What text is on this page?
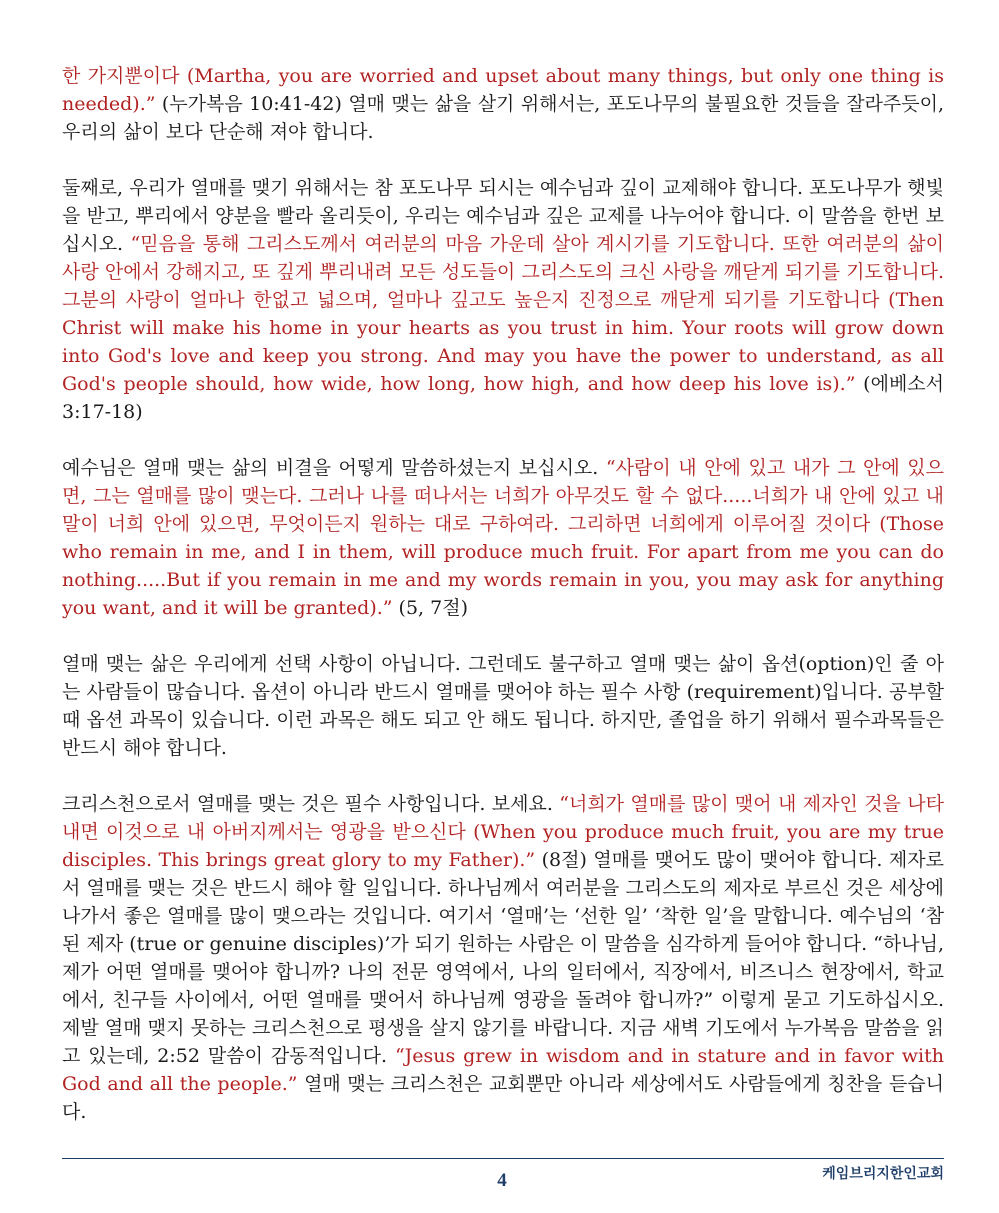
한 가지뿐이다 (Martha, you are worried and upset about many things, but only one thing is needed).” (누가복음 10:41-42) 열매 맺는 삶을 살기 위해서는, 포도나무의 불필요한 것들을 잘라주듯이, 우리의 삶이 보다 단순해 져야 합니다.

둘째로, 우리가 열매를 맺기 위해서는 참 포도나무 되시는 예수님과 깊이 교제해야 합니다. 포도나무가 햇빛을 받고, 뿌리에서 양분을 빨라 올리듯이, 우리는 예수님과 깊은 교제를 나누어야 합니다. 이 말씀을 한번 보십시오. “믿음을 통해 그리스도께서 여러분의 마음 가운데 살아 계시기를 기도합니다. 또한 여러분의 삶이 사랑 안에서 강해지고, 또 깊게 뿌리내려 모든 성도들이 그리스도의 크신 사랑을 깨닫게 되기를 기도합니다. 그분의 사랑이 얼마나 한없고 넓으며, 얼마나 깊고도 높은지 진정으로 깨닫게 되기를 기도합니다 (Then Christ will make his home in your hearts as you trust in him. Your roots will grow down into God's love and keep you strong. And may you have the power to understand, as all God's people should, how wide, how long, how high, and how deep his love is).” (에베소서 3:17-18)

예수님은 열매 맺는 삶의 비결을 어떻게 말씀하셨는지 보십시오. “사람이 내 안에 있고 내가 그 안에 있으면, 그는 열매를 많이 맺는다. 그러나 나를 떠나서는 너희가 아무것도 할 수 없다.....너희가 내 안에 있고 내 말이 너희 안에 있으면, 무엇이든지 원하는 대로 구하여라. 그리하면 너희에게 이루어질 것이다 (Those who remain in me, and I in them, will produce much fruit. For apart from me you can do nothing.....But if you remain in me and my words remain in you, you may ask for anything you want, and it will be granted).” (5, 7절)

열매 맺는 삶은 우리에게 선택 사항이 아닙니다. 그런데도 불구하고 열매 맺는 삶이 옵션(option)인 줄 아는 사람들이 많습니다. 옵션이 아니라 반드시 열매를 맺어야 하는 필수 사항 (requirement)입니다. 공부할 때 옵션 과목이 있습니다. 이런 과목은 해도 되고 안 해도 됩니다. 하지만, 졸업을 하기 위해서 필수과목들은 반드시 해야 합니다.

크리스천으로서 열매를 맺는 것은 필수 사항입니다. 보세요. “너희가 열매를 많이 맺어 내 제자인 것을 나타내면 이것으로 내 아버지께서는 영광을 받으신다 (When you produce much fruit, you are my true disciples. This brings great glory to my Father).” (8절) 열매를 맺어도 많이 맺어야 합니다. 제자로서 열매를 맺는 것은 반드시 해야 할 일입니다. 하나님께서 여러분을 그리스도의 제자로 부르신 것은 세상에 나가서 좋은 열매를 많이 맺으라는 것입니다. 여기서 ‘열매’는 ‘선한 일’ ‘착한 일’을 말합니다. 예수님의 ‘참된 제자 (true or genuine disciples)’가 되기 원하는 사람은 이 말씀을 심각하게 들어야 합니다. “하나님, 제가 어떤 열매를 맺어야 합니까? 나의 전문 영역에서, 나의 일터에서, 직장에서, 비즈니스 현장에서, 학교에서, 친구들 사이에서, 어떤 열매를 맺어서 하나님께 영광을 돌려야 합니까?” 이렇게 묻고 기도하십시오. 제발 열매 맺지 못하는 크리스천으로 평생을 살지 않기를 바랍니다. 지금 새벽 기도에서 누가복음 말씀을 읽고 있는데, 2:52 말씀이 감동적입니다. “Jesus grew in wisdom and in stature and in favor with God and all the people.” 열매 맺는 크리스천은 교회뿐만 아니라 세상에서도 사람들에게 칭찬을 듣습니다.

4	케임브리지한인교회
